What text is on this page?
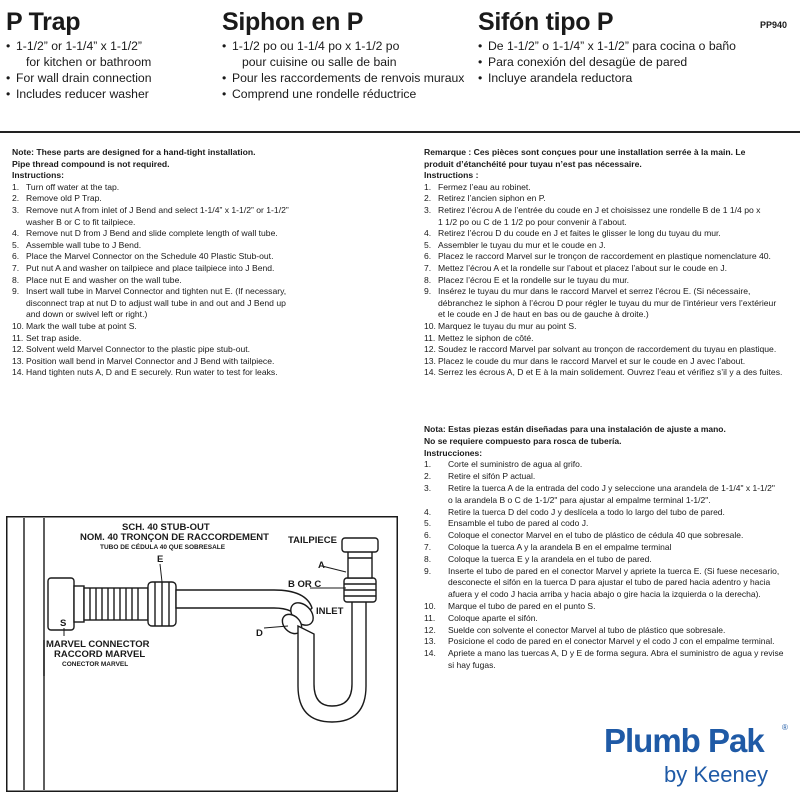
P Trap
• 1-1/2” or 1-1/4” x 1-1/2”
for kitchen or bathroom
• For wall drain connection
• Includes reducer washer
Siphon en P
• 1-1/2 po ou 1-1/4 po x 1-1/2 po
pour cuisine ou salle de bain
• Pour les raccordements de renvois muraux
• Comprend une rondelle réductrice
Sifón tipo P
• De 1-1/2” o 1-1/4” x 1-1/2” para cocina o baño
• Para conexión del desagüe de pared
• Incluye arandela reductora
PP940
Note: These parts are designed for a hand-tight installation.
Pipe thread compound is not required.
Instructions:
1. Turn off water at the tap.
2. Remove old P Trap.
3. Remove nut A from inlet of J Bend and select 1-1/4” x 1-1/2” or 1-1/2”
washer B or C to fit tailpiece.
4. Remove nut D from J Bend and slide complete length of wall tube.
5. Assemble wall tube to J Bend.
6. Place the Marvel Connector on the Schedule 40 Plastic Stub-out.
7. Put nut A and washer on tailpiece and place tailpiece into J Bend.
8. Place nut E and washer on the wall tube.
9. Insert wall tube in Marvel Connector and tighten nut E. (If necessary,
disconnect trap at nut D to adjust wall tube in and out and J Bend up
and down or swivel left or right.)
10. Mark the wall tube at point S.
11. Set trap aside.
12. Solvent weld Marvel Connector to the plastic pipe stub-out.
13. Position wall bend in Marvel Connector and J Bend with tailpiece.
14. Hand tighten nuts A, D and E securely. Run water to test for leaks.
Remarque : Ces pièces sont conçues pour une installation serrée à la main. Le
produit d’étanchéité pour tuyau n’est pas nécessaire.
Instructions :
1. Fermez l’eau au robinet.
2. Retirez l’ancien siphon en P.
3. Retirez l’écrou A de l’entrée du coude en J et choisissez une rondelle B de 1 1/4 po x
1 1/2 po ou C de 1 1/2 po pour convenir à l’about.
4. Retirez l’écrou D du coude en J et faites le glisser le long du tuyau du mur.
5. Assembler le tuyau du mur et le coude en J.
6. Placez le raccord Marvel sur le tronçon de raccordement en plastique nomenclature 40.
7. Mettez l’écrou A et la rondelle sur l’about et placez l’about sur le coude en J.
8. Placez l’écrou E et la rondelle sur le tuyau du mur.
9. Insérez le tuyau du mur dans le raccord Marvel et serrez l’écrou E. (Si nécessaire,
débranchez le siphon à l’écrou D pour régler le tuyau du mur de l’intérieur vers l’extérieur
et le coude en J de haut en bas ou de gauche à droite.)
10. Marquez le tuyau du mur au point S.
11. Mettez le siphon de côté.
12. Soudez le raccord Marvel par solvant au tronçon de raccordement du tuyau en plastique.
13. Placez le coude du mur dans le raccord Marvel et sur le coude en J avec l’about.
14. Serrez les écrous A, D et E à la main solidement. Ouvrez l’eau et vérifiez s’il y a des fuites.
Nota: Estas piezas están diseñadas para una instalación de ajuste a mano.
No se requiere compuesto para rosca de tubería.
Instrucciones:
1.	Corte el suministro de agua al grifo.
2.	Retire el sifón P actual.
3.	Retire la tuerca A de la entrada del codo J y seleccione una arandela de 1-1/4" x 1-1/2"
o la arandela B o C de 1-1/2" para ajustar al empalme terminal 1-1/2".
4.	Retire la tuerca D del codo J y deslícela a todo lo largo del tubo de pared.
5.	Ensamble el tubo de pared al codo J.
6.	Coloque el conector Marvel en el tubo de plástico de cédula 40 que sobresale.
7.	Coloque la tuerca A y la arandela B en el empalme terminal
8.	Coloque la tuerca E y la arandela en el tubo de pared.
9.	Inserte el tubo de pared en el conector Marvel y apriete la tuerca E. (Si fuese necesario,
desconecte el sifón en la tuerca D para ajustar el tubo de pared hacia adentro y hacia
afuera y el codo J hacia arriba y hacia abajo o gire hacia la izquierda o la derecha).
10.	Marque el tubo de pared en el punto S.
11.	Coloque aparte el sifón.
12.	Suelde con solvente el conector Marvel al tubo de plástico que sobresale.
13.	Posicione el codo de pared en el conector Marvel y el codo J con el empalme terminal.
14.	Apriete a mano las tuercas A, D y E de forma segura. Abra el suministro de agua y revise
si hay fugas.
SCH. 40 STUB-OUT
NOM. 40 TRONÇON DE RACCORDEMENT
TUBO DE CÉDULA 40 QUE SOBRESALE
TAILPIECE
A
B OR C
E
S
INLET
D
MARVEL CONNECTOR
RACCORD MARVEL
CONECTOR MARVEL
Plumb Pak ®
by Keeney
